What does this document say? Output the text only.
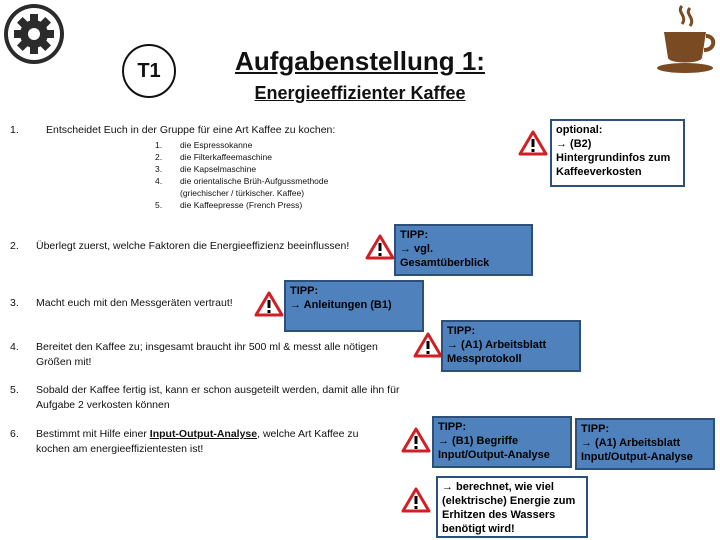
T1	Aufgabenstellung 1:
Energieeffizienter Kaffee
1.	Entscheidet Euch in der Gruppe für eine Art Kaffee zu kochen:
1. die Espressokanne
2. die Filterkaffeemaschine
3. die Kapselmaschine
4. die orientalische Brüh-Aufgussmethode
(griechischer / türkischer. Kaffee)
5. die Kaffeepresse (French Press)
2. Überlegt zuerst, welche Faktoren die Energieeffizienz beeinflussen!
3. Macht euch mit den Messgeräten vertraut!
4. Bereitet den Kaffee zu; insgesamt braucht ihr 500 ml & messt alle nötigen
Größen mit!
5. Sobald der Kaffee fertig ist, kann er schon ausgeteilt werden, damit alle ihn für
Aufgabe 2 verkosten können
6. Bestimmt mit Hilfe einer Input-Output-Analyse, welche Art Kaffee zu
kochen am energieeffizientesten ist!
optional:
→ (B2)
Hintergrundinfos zum
Kaffeeverkosten
TIPP:
→ vgl.
Gesamtüberblick
TIPP:
→ Anleitungen (B1)
TIPP:
→ (A1) Arbeitsblatt
Messprotokoll
TIPP:
→ (B1) Begriffe
Input/Output-Analyse
TIPP:
→ (A1) Arbeitsblatt
Input/Output-Analyse
→ berechnet, wie viel
(elektrische) Energie zum
Erhitzen des Wassers
benötigt wird!
